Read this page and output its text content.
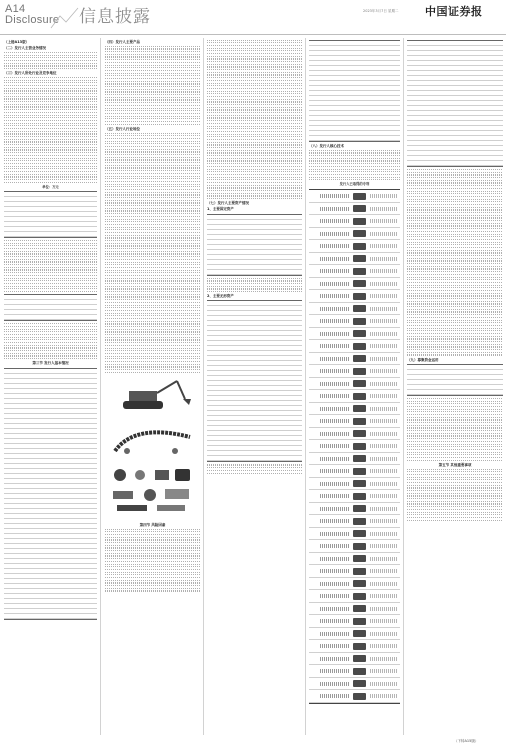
A14
Disclosure 信息披露	2023年3月7日 星期二 中国证券报
（上接A13版）
（二）发行人主营业务情况
（三）发行人所处行业及竞争地位
单位：万元
第三节 发行人基本情况
（四）发行人主要产品
（五）发行人行业地位
第四节 风险因素
（七）发行人主要资产情况
1、主要固定资产
2、主要无形资产
（八）发行人核心技术
发行人已取得的专利
（九）募集资金运用
第五节 其他重要事项
（下转A15版）
